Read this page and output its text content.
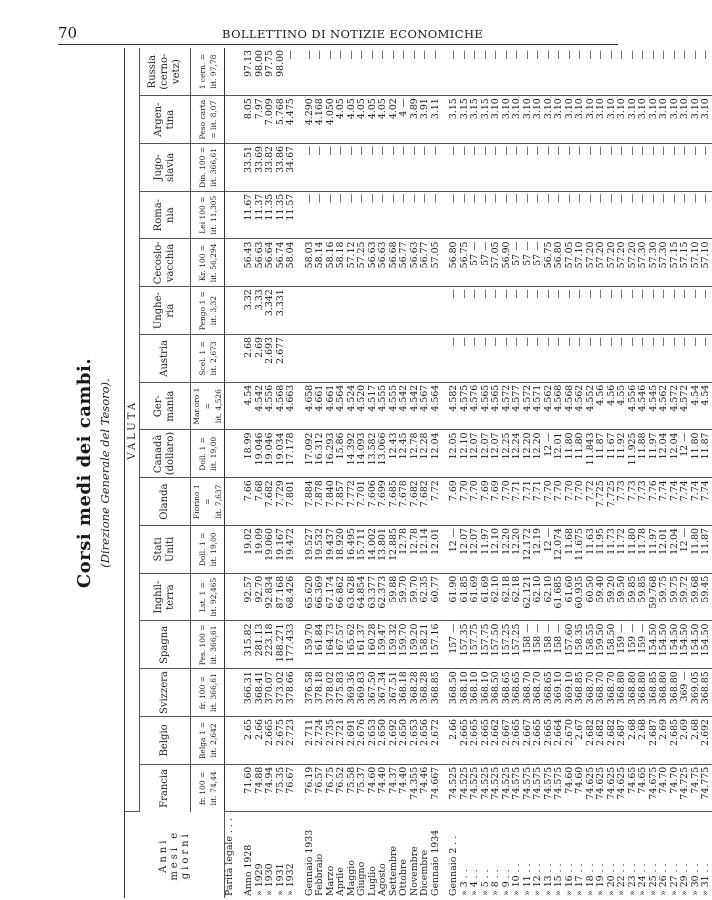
70	BOLLETTINO DI NOTIZIE ECONOMICHE
Corsi medi dei cambi. (Direzione Generale del Tesoro).
Anni
mesi e giorni	VALUTA															
	Francia	Belgio	Svizzera	Spagna	Inghil-
terra	Stati
Uniti	Olanda	Canadà
(dollaro)	Ger-
mania	Austria	Unghe-
ria	Cecoslo-
vacchia	Roma-
nia	Jugo-
slavia	Argen-
tina	Russia
(cerno-
vetz)
	fr. 100 =
lit. 74,44	Belga 1 =
lit. 2,642	fr. 100 =
lit. 366,61	Pes. 100 =
lit. 366,61	Lst. 1 =
lit. 92,465	Doll. 1 =
lit. 19,00	Fiorino 1 =
lit. 7,637	Doll. 1 =
lit. 19,00	Mar.oro 1 =
lit. 4,526	Scel. 1 =
lit. 2,673	Pengo 1 =
lit. 3,32	Kr. 100 =
lit. 56,294	Lei 100 =
lit. 11,305	Din. 100 =
lit. 366,61	Peso carta
= lit. 8,07	1 cern. =
lit. 97,78
Parità legale . . .																

Anno 1928	71.60	2.65	366.31	315.82	92.57	19.02	7.66	18.99	4.54	2.68	3.32	56.43	11.67	33.51	8.05	97.13
» 1929	74.88	2.66	368.41	281.13	92.70	19.09	7.68	19.046	4.542	2.69	3.33	56.63	11.37	33.69	7.97	98.00
» 1930	74.94	2.665	370.07	223.18	92.834	19.060	7.682	19.046	4.556	2.693	3.342	56.64	11.35	33.82	7.009	97.75
» 1931	75.35	2.675	373.02	188.271	87.168	19.167	7.729	19.034	4.568	2.677	3.331	56.74	11.35	33.86	5.768	98.00
» 1932	76.67	2.723	378.66	177.433	68.426	19.472	7.801	17.178	4.663			58.04	11.57	34.67	4.475	—

Gennaio 1933	76.19	2.711	376.58	159.70	65.620	19.527	7.884	17.092	4.658			58.03	—	—	4.290	—
Febbraio	76.57	2.724	378.18	161.84	66.369	19.532	7.878	16.312	4.661			58.14	—	—	4.168	—
Marzo	76.75	2.735	378.02	164.73	67.174	19.437	7.840	16.293	4.661			58.16	—	—	4.050	—
Aprile	76.52	2.721	375.83	167.57	66.862	18.920	7.857	15.86	4.564			58.18	—	—	4.05	—
Maggio	75.58	2.691	369.36	165.62	63.628	16.495	7.772	14.392	4.524			57.12	—	—	4.05	—
Giugno	75.37	2.676	369.83	161.37	64.854	15.711	7.701	14.093	4.520			57.25	—	—	4.05	—
Luglio	74.60	2.653	367.50	160.28	63.377	14.002	7.606	13.582	4.517			56.63	—	—	4.05	—
Agosto	74.40	2.650	367.34	159.47	62.373	13.801	7.699	13.066	4.555			56.63	—	—	4.05	—
Settembre	74.37	2.692	367.51	159.32	59.88	12.885	7.685	12.43	4.555			56.68	—	—	4.02	—
Ottobre	74.40	2.650	368.18	159.70	59.70	12.78	7.678	12.45	4.542			56.77	—	—	4 —	—
Novembre	74.355	2.653	368.28	159.20	59.70	12.78	7.682	12.78	4.542			56.63	—	—	3.89	—
Dicembre	74.46	2.656	368.28	158.21	62.35	12.14	7.682	12.28	4.567			56.77	—	—	3.91	—
Gennaio 1934	74.667	2.672	368.85	157.16	60.77	12.01	7.72	12.04	4.564			57.05	—	—	3.11	—

Gennaio 2 . .	74.525	2.66	368.50	157 —	61.90	12 —	7.69	12.05	4.582	—	—	56.80	—	—	3.15	—
» 3 . .	74.525	2.665	368.10	157.35	61.85	12.07	7.70	12.10	4.575	—	—	56.75	—	—	3.15	—
» 4 . .	74.525	2.665	368.10	157.75	61.69	12.07	7.70	12.07	4.576	—	—	57 —	—	—	3.15	—
» 5 . .	74.525	2.665	368.10	157.75	61.69	11.97	7.69	12.07	4.565	—	—	57 —	—	—	3.15	—
» 8 . .	74.525	2.662	368.50	157.50	62.10	12.10	7.69	12.07	4.565	—	—	57.05	—	—	3.10	—
» 9 . .	74.525	2.667	368.65	157.25	62.18	12.20	7.70	12.25	4.572	—	—	56.90	—	—	3.10	—
» 10 . .	74.575	2.665	368.65	157.25	62.18	12.20	7.71	12.24	4.577	—	—	57 —	—	—	3.10	—
» 11 . .	74.575	2.667	368.70	158 —	62.121	12.172	7.71	12.20	4.572	—	—	57 —	—	—	3.10	—
» 12 . .	74.575	2.665	368.70	158 —	62.10	12.19	7.71	12.20	4.571	—	—	57 —	—	—	3.10	—
» 13 . .	74.575	2.665	368.65	158 —	62.10	12 —	7.70	12 —	4.562	—	—	56.75	—	—	3.10	—
» 15 . .	74.575	2.664	369.10	158 —	61.685	12.074	7.70	12.01	4.568	—	—	56.80	—	—	3.10	—
» 16 . .	74.60	2.670	369.10	157.60	61.60	11.68	7.70	11.80	4.568	—	—	57.05	—	—	3.10	—
» 17 . .	74.60	2.67	368.85	158.35	60.935	11.675	7.70	11.80	4.562	—	—	57.10	—	—	3.10	—
» 18 . .	74.625	2.682	368.70	158.55	60.50	11.63	7.72	11.843	4.552	—	—	57.20	—	—	3.10	—
» 19 . .	74.625	2.682	368.70	159.50	59.40	11.95	7.725	11.87	4.56	—	—	57.20	—	—	3.10	—
» 20 . .	74.625	2.682	368.70	158.50	59.20	11.73	7.725	11.67	4.56	—	—	57.20	—	—	3.10	—
» 22 . .	74.625	2.687	368.80	159 —	59.50	11.72	7.73	11.92	4.55	—	—	57.20	—	—	3.10	—
» 23 . .	74.65	2.68	368.80	159 —	59.85	11.80	7.73	11.925	4.556	—	—	57.20	—	—	3.10	—
» 24 . .	74.65	2.68	368.80	159 —	59.85	11.78	7.73	11.88	4.546	—	—	57.30	—	—	3.10	—
» 25 . .	74.675	2.687	368.85	154.50	59.768	11.97	7.76	11.97	4.545	—	—	57.30	—	—	3.10	—
» 26 . .	74.70	2.69	368.80	154.50	59.75	12.01	7.74	12.04	4.562	—	—	57.30	—	—	3.10	—
» 27 . .	74.70	2.685	368.80	154.50	59.75	12.04	7.74	12.04	4.572	—	—	57.15	—	—	3.10	—
» 29 . .	74.725	2.69	369 —	154.50	59.72	12 —	7.74	12 —	4.572	—	—	57.15	—	—	3.10	—
» 30 . .	74.75	2.68	369.05	154.50	59.68	11.80	7.74	11.80	4.54	—	—	57.10	—	—	3.10	—
» 31 . .	74.775	2.692	368.85	154.50	59.45	11.87	7.74	11.87	4.54	—	—	57.10	—	—	3.10	—
